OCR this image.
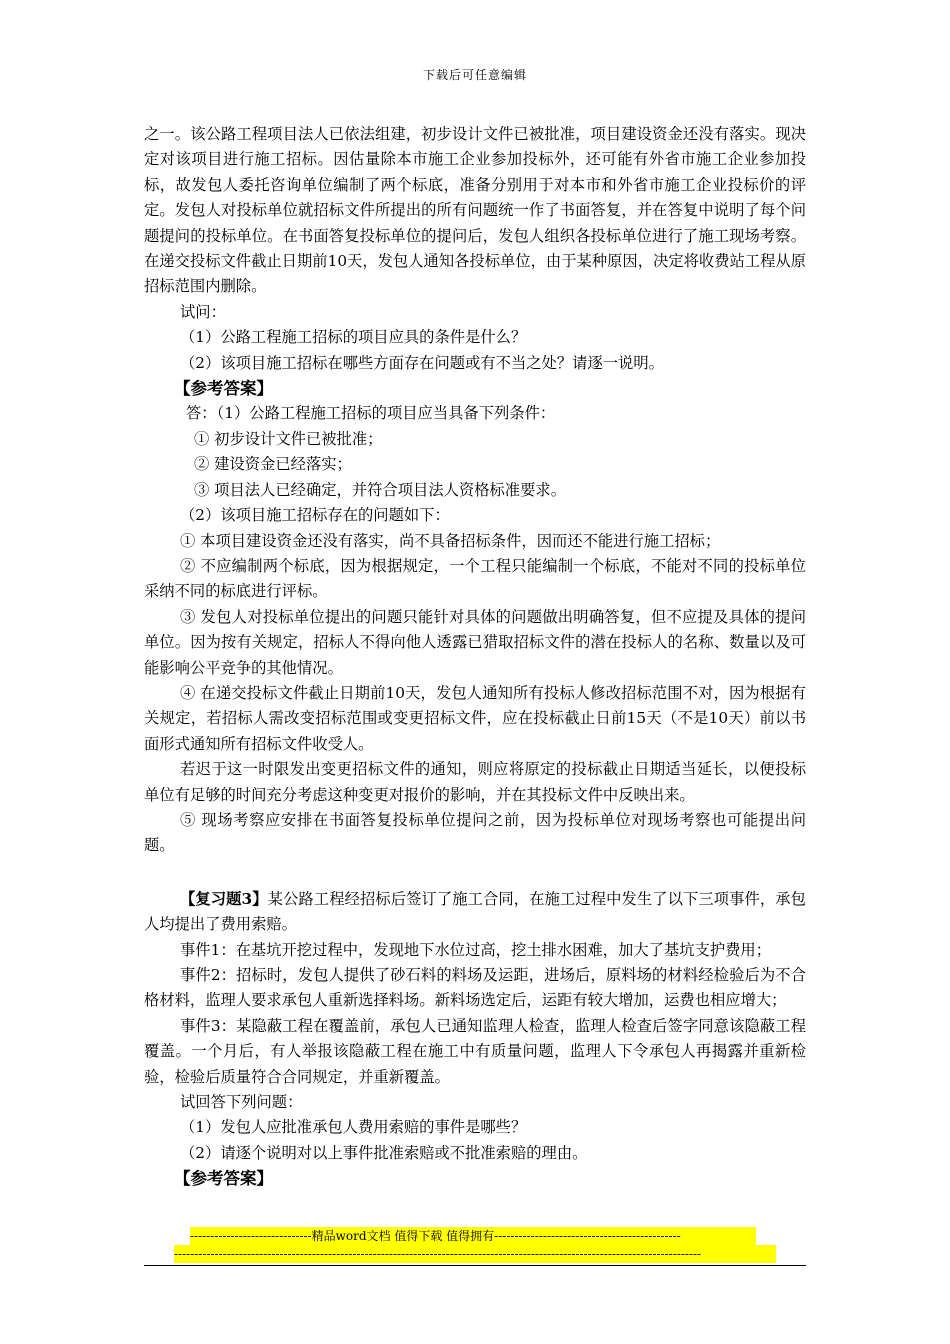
下载后可任意编辑

之一。该公路工程项目法人已依法组建，初步设计文件已被批准，项目建设资金还没有落实。现决定对该项目进行施工招标。因估量除本市施工企业参加投标外，还可能有外省市施工企业参加投标，故发包人委托咨询单位编制了两个标底，准备分别用于对本市和外省市施工企业投标价的评定。发包人对投标单位就招标文件所提出的所有问题统一作了书面答复，并在答复中说明了每个问题提问的投标单位。在书面答复投标单位的提问后，发包人组织各投标单位进行了施工现场考察。在递交投标文件截止日期前10天，发包人通知各投标单位，由于某种原因，决定将收费站工程从原招标范围内删除。

试问：

（1）公路工程施工招标的项目应具的条件是什么？

（2）该项目施工招标在哪些方面存在问题或有不当之处？请逐一说明。

【参考答案】

答：（1）公路工程施工招标的项目应当具备下列条件：

① 初步设计文件已被批准；

② 建设资金已经落实；

③ 项目法人已经确定，并符合项目法人资格标准要求。

（2）该项目施工招标存在的问题如下：

① 本项目建设资金还没有落实，尚不具备招标条件，因而还不能进行施工招标；

② 不应编制两个标底，因为根据规定，一个工程只能编制一个标底，不能对不同的投标单位采纳不同的标底进行评标。

③ 发包人对投标单位提出的问题只能针对具体的问题做出明确答复，但不应提及具体的提问单位。因为按有关规定，招标人不得向他人透露已猎取招标文件的潜在投标人的名称、数量以及可能影响公平竞争的其他情况。

④ 在递交投标文件截止日期前10天，发包人通知所有投标人修改招标范围不对，因为根据有关规定，若招标人需改变招标范围或变更招标文件，应在投标截止日前15天（不是10天）前以书面形式通知所有招标文件收受人。

若迟于这一时限发出变更招标文件的通知，则应将原定的投标截止日期适当延长，以便投标单位有足够的时间充分考虑这种变更对报价的影响，并在其投标文件中反映出来。

⑤ 现场考察应安排在书面答复投标单位提问之前，因为投标单位对现场考察也可能提出问题。

【复习题3】某公路工程经招标后签订了施工合同，在施工过程中发生了以下三项事件，承包人均提出了费用索赔。

事件1：在基坑开挖过程中，发现地下水位过高，挖土排水困难，加大了基坑支护费用；

事件2：招标时，发包人提供了砂石料的料场及运距，进场后，原料场的材料经检验后为不合格材料，监理人要求承包人重新选择料场。新料场选定后，运距有较大增加，运费也相应增大；

事件3：某隐蔽工程在覆盖前，承包人已通知监理人检查，监理人检查后签字同意该隐蔽工程覆盖。一个月后，有人举报该隐蔽工程在施工中有质量问题，监理人下令承包人再揭露并重新检验，检验后质量符合合同规定，并重新覆盖。

试回答下列问题：

（1）发包人应批准承包人费用索赔的事件是哪些？

（2）请逐个说明对以上事件批准索赔或不批准索赔的理由。

【参考答案】

------------------------------精品word文档 值得下载 值得拥有----------------------------------------------
----------------------------------------------------------------------------------------------------------------------------------
